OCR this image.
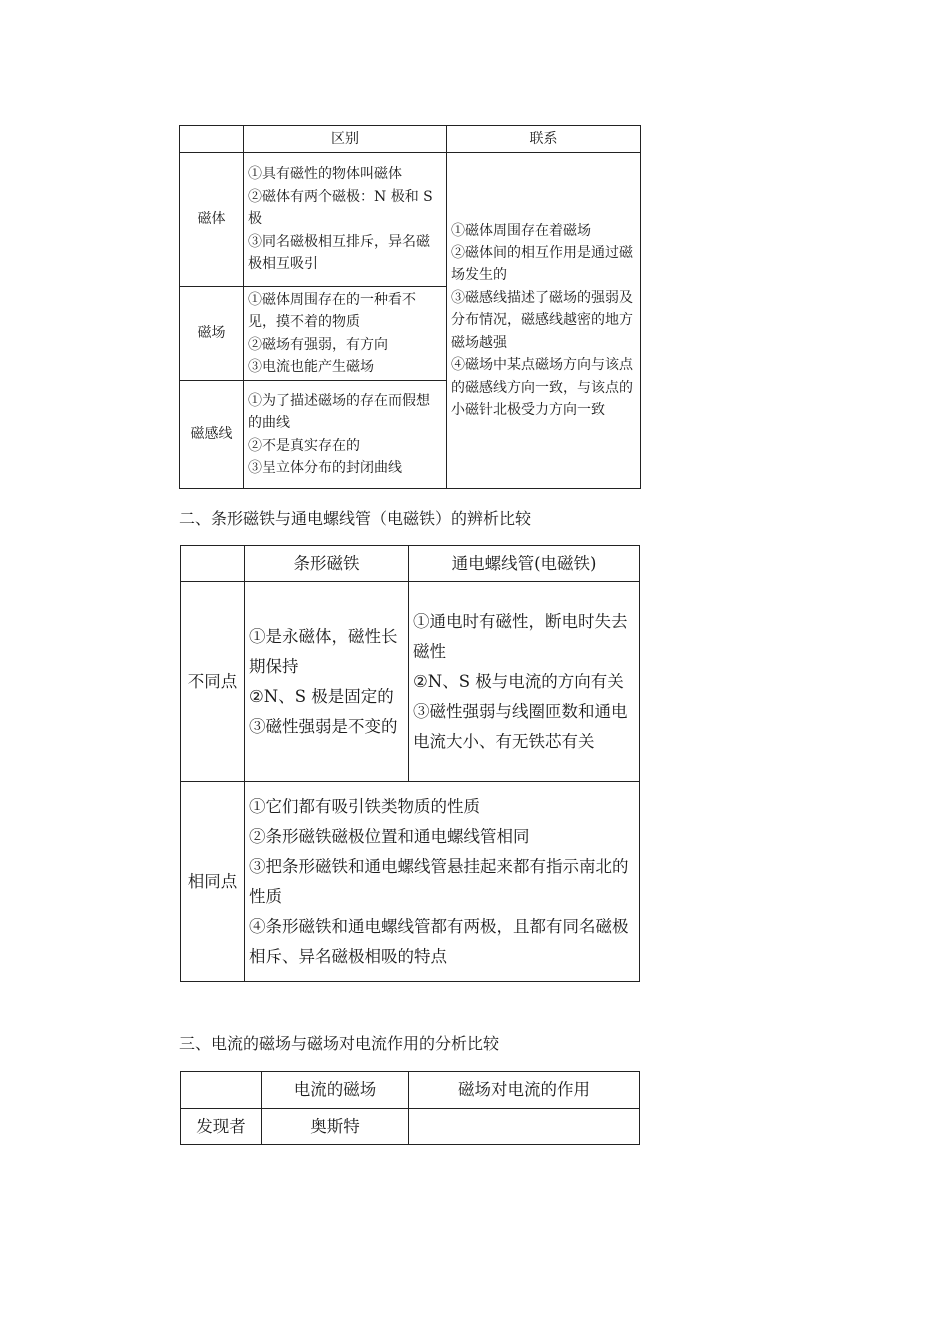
	区别	联系
磁体	①具有磁性的物体叫磁体
②磁体有两个磁极：N 极和 S 极
③同名磁极相互排斥，异名磁极相互吸引	①磁体周围存在着磁场
②磁体间的相互作用是通过磁场发生的
③磁感线描述了磁场的强弱及分布情况，磁感线越密的地方磁场越强
④磁场中某点磁场方向与该点的磁感线方向一致，与该点的小磁针北极受力方向一致

磁场	①磁体周围存在的一种看不见，摸不着的物质
②磁场有强弱，有方向
③电流也能产生磁场	

磁感线	①为了描述磁场的存在而假想的曲线
②不是真实存在的
③呈立体分布的封闭曲线	
二、条形磁铁与通电螺线管（电磁铁）的辨析比较
	条形磁铁	通电螺线管(电磁铁)
不同点	①是永磁体，磁性长期保持
②N、S 极是固定的
③磁性强弱是不变的	①通电时有磁性，断电时失去磁性
②N、S 极与电流的方向有关
③磁性强弱与线圈匝数和通电电流大小、有无铁芯有关

相同点	①它们都有吸引铁类物质的性质
②条形磁铁磁极位置和通电螺线管相同
③把条形磁铁和通电螺线管悬挂起来都有指示南北的性质
④条形磁铁和通电螺线管都有两极，且都有同名磁极相斥、异名磁极相吸的特点	
三、电流的磁场与磁场对电流作用的分析比较
	电流的磁场	磁场对电流的作用
发现者	奥斯特	
